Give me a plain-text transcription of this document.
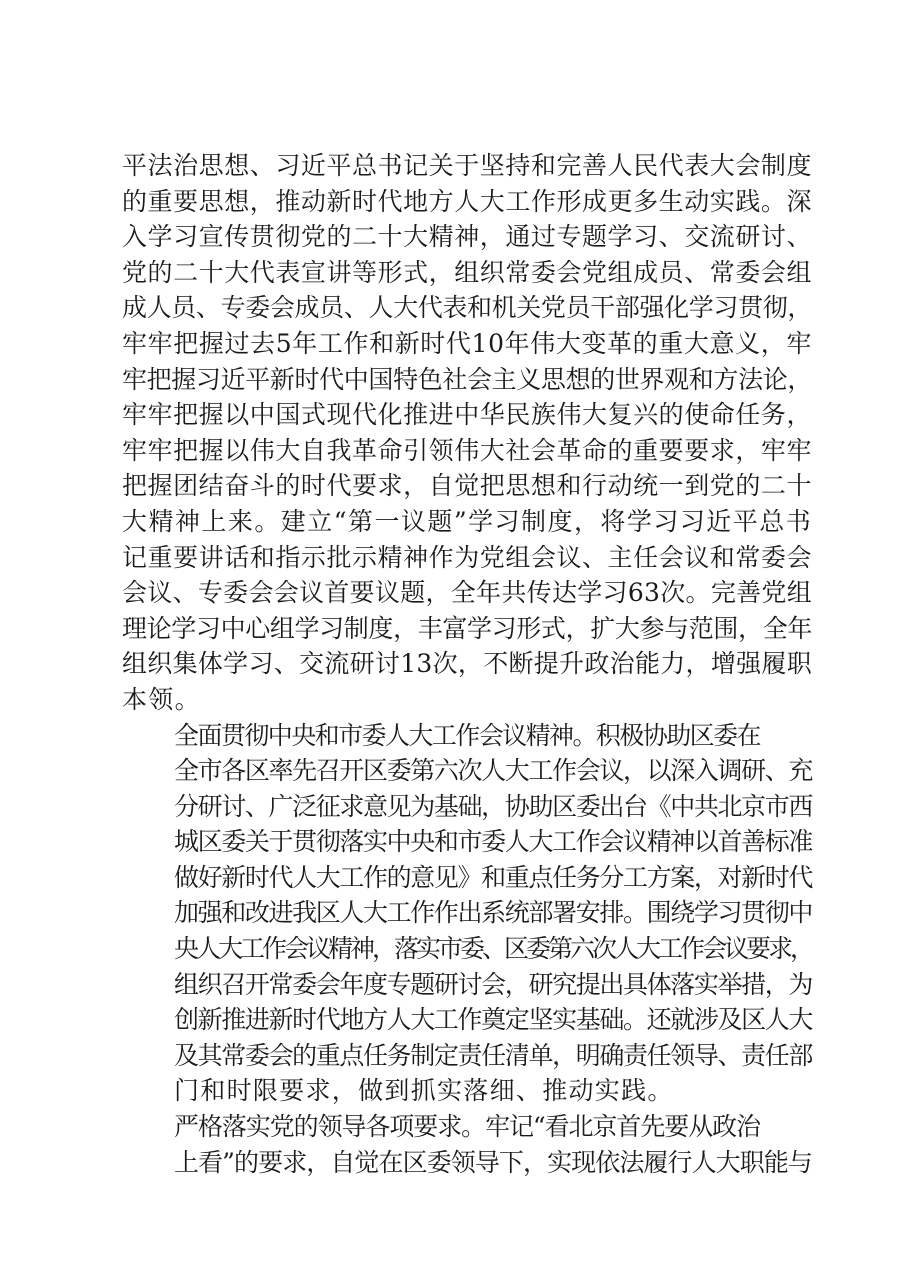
平法治思想、习近平总书记关于坚持和完善人民代表大会制度
的重要思想，推动新时代地方人大工作形成更多生动实践。深
入学习宣传贯彻党的二十大精神，通过专题学习、交流研讨、
党的二十大代表宣讲等形式，组织常委会党组成员、常委会组
成人员、专委会成员、人大代表和机关党员干部强化学习贯彻，
牢牢把握过去5年工作和新时代10年伟大变革的重大意义，牢
牢把握习近平新时代中国特色社会主义思想的世界观和方法论，
牢牢把握以中国式现代化推进中华民族伟大复兴的使命任务，
牢牢把握以伟大自我革命引领伟大社会革命的重要要求，牢牢
把握团结奋斗的时代要求，自觉把思想和行动统一到党的二十
大精神上来。建立“第一议题”学习制度，将学习习近平总书
记重要讲话和指示批示精神作为党组会议、主任会议和常委会
会议、专委会会议首要议题，全年共传达学习63次。完善党组
理论学习中心组学习制度，丰富学习形式，扩大参与范围，全年
组织集体学习、交流研讨13次，不断提升政治能力，增强履职
本领。

全面贯彻中央和市委人大工作会议精神。积极协助区委在
全市各区率先召开区委第六次人大工作会议，以深入调研、充
分研讨、广泛征求意见为基础，协助区委出台《中共北京市西
城区委关于贯彻落实中央和市委人大工作会议精神以首善标准
做好新时代人大工作的意见》和重点任务分工方案，对新时代
加强和改进我区人大工作作出系统部署安排。围绕学习贯彻中
央人大工作会议精神，落实市委、区委第六次人大工作会议要求，
组织召开常委会年度专题研讨会，研究提出具体落实举措，为
创新推进新时代地方人大工作奠定坚实基础。还就涉及区人大
及其常委会的重点任务制定责任清单，明确责任领导、责任部
门和时限要求，做到抓实落细、推动实践。

严格落实党的领导各项要求。牢记“看北京首先要从政治
上看”的要求，自觉在区委领导下，实现依法履行人大职能与
